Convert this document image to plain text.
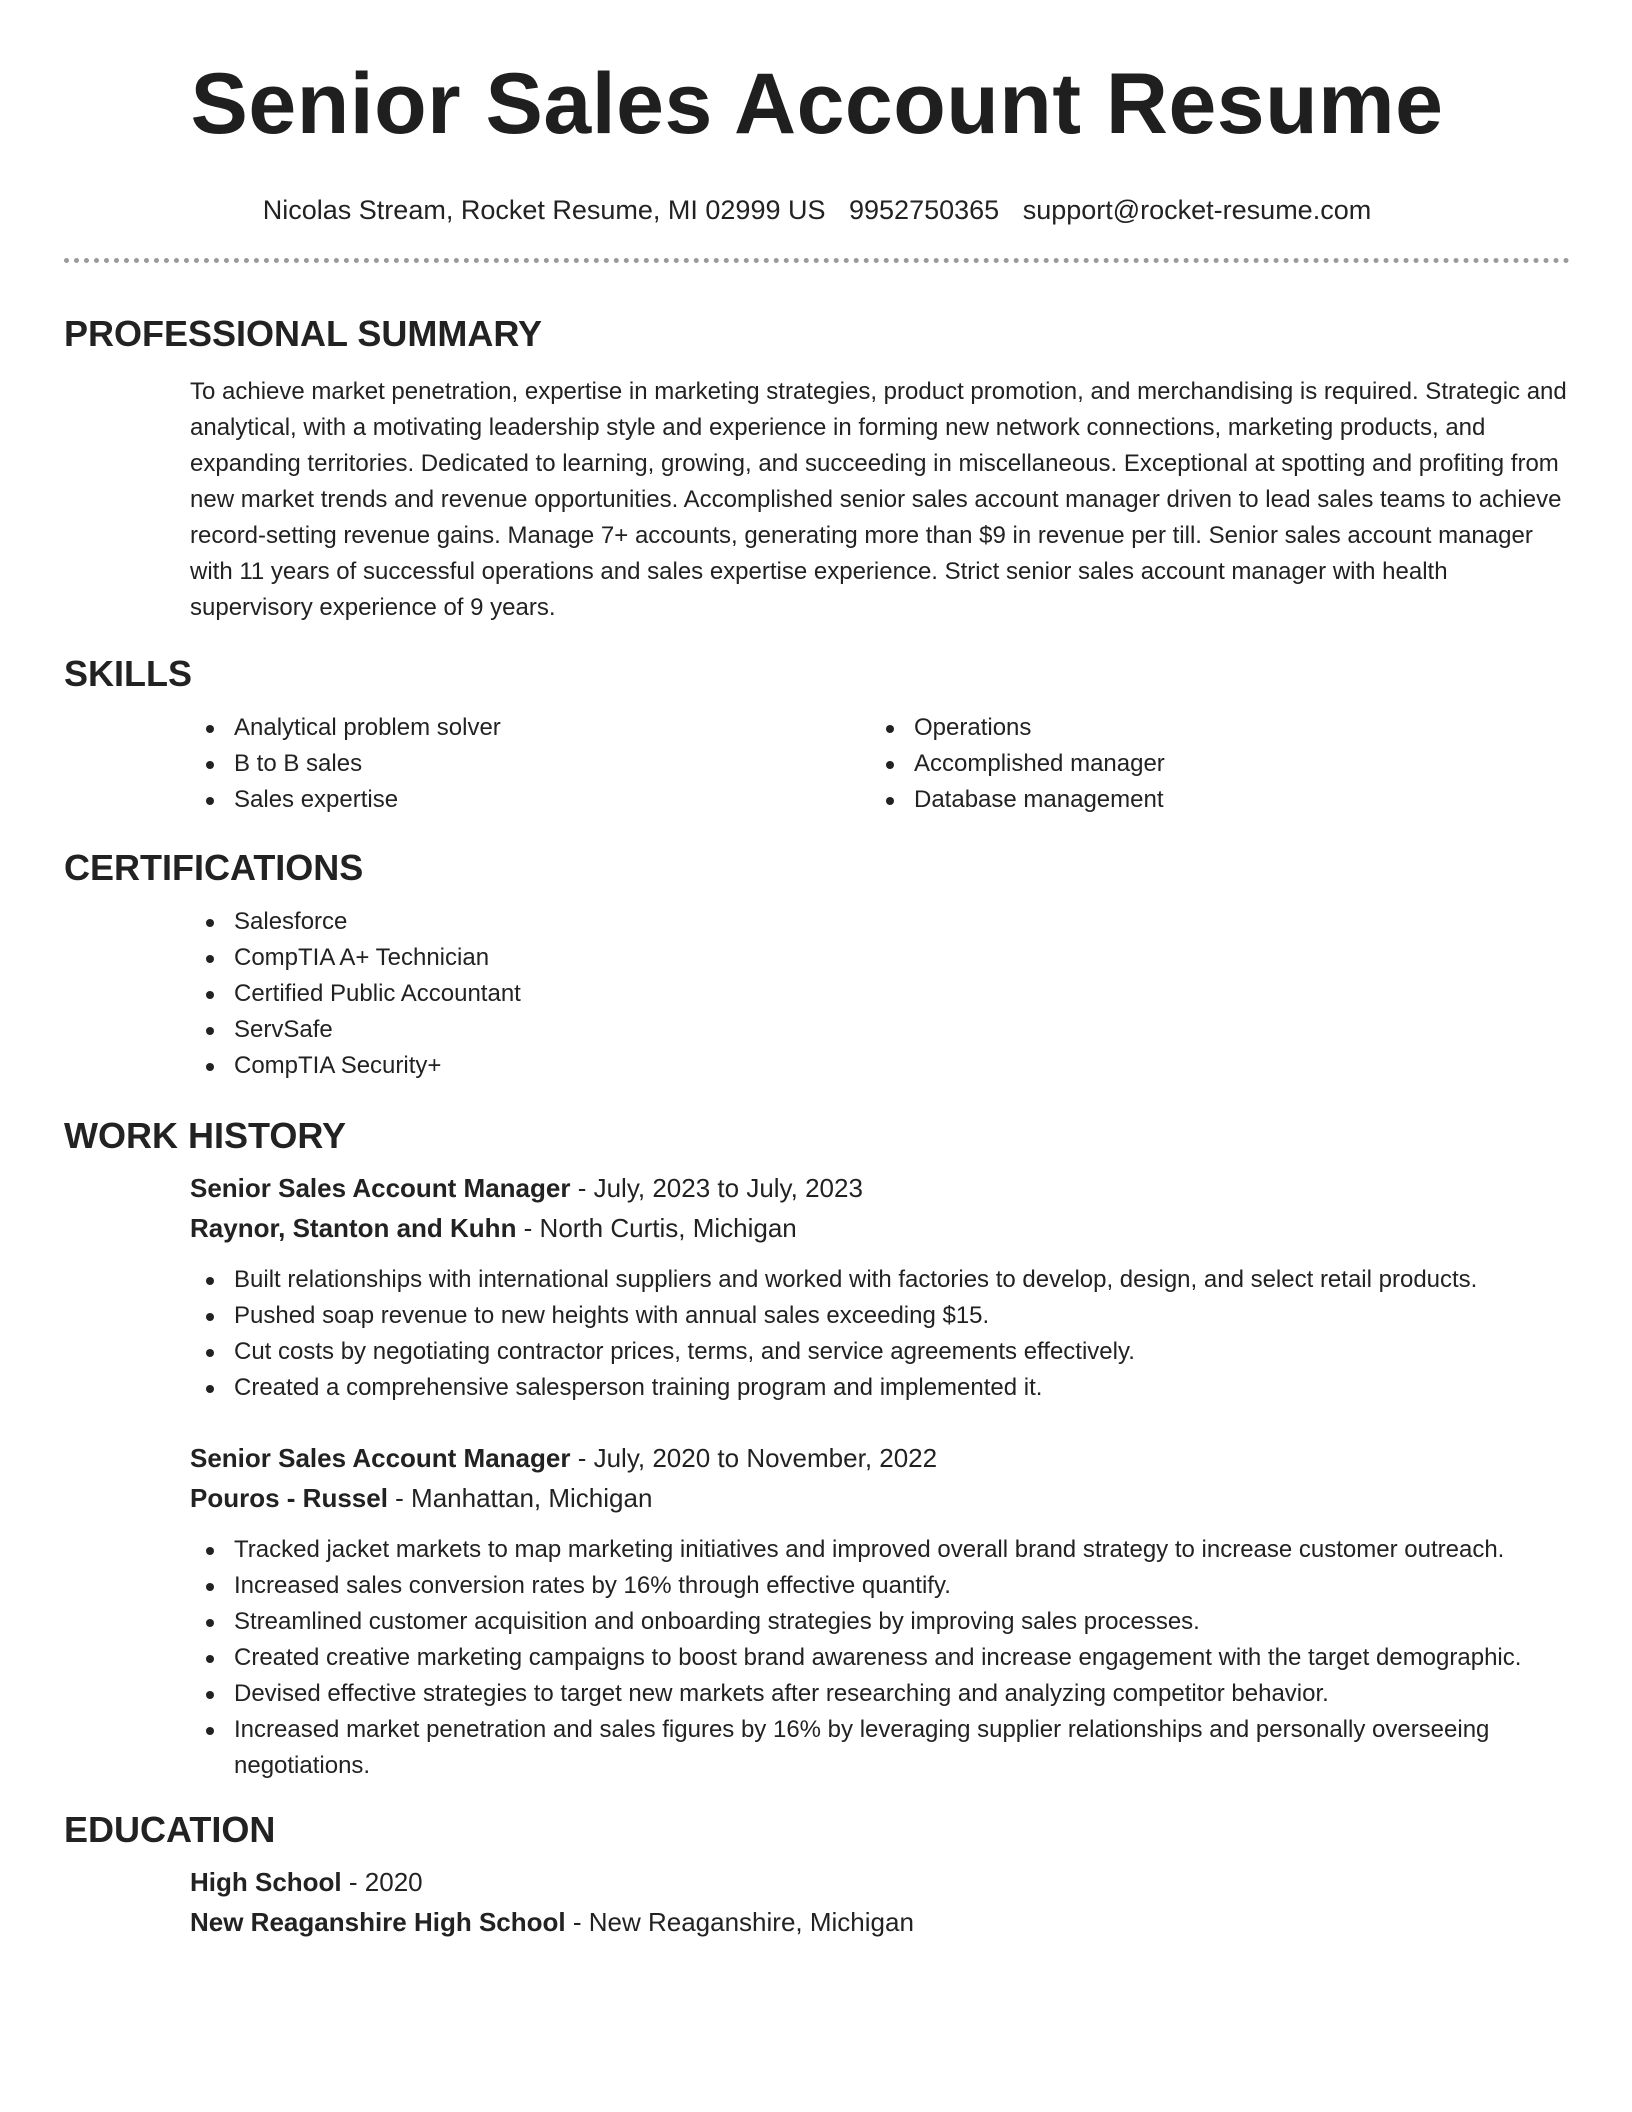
Senior Sales Account Resume
Nicolas Stream, Rocket Resume, MI 02999 US 9952750365 support@rocket-resume.com
PROFESSIONAL SUMMARY

To achieve market penetration, expertise in marketing strategies, product promotion, and merchandising is required. Strategic and analytical, with a motivating leadership style and experience in forming new network connections, marketing products, and expanding territories. Dedicated to learning, growing, and succeeding in miscellaneous. Exceptional at spotting and profiting from new market trends and revenue opportunities. Accomplished senior sales account manager driven to lead sales teams to achieve record-setting revenue gains. Manage 7+ accounts, generating more than $9 in revenue per till. Senior sales account manager with 11 years of successful operations and sales expertise experience. Strict senior sales account manager with health supervisory experience of 9 years.

SKILLS
Analytical problem solver
B to B sales
Sales expertise
Operations
Accomplished manager
Database management
CERTIFICATIONS
Salesforce
CompTIA A+ Technician
Certified Public Accountant
ServSafe
CompTIA Security+
WORK HISTORY
Senior Sales Account Manager - July, 2023 to July, 2023
Raynor, Stanton and Kuhn - North Curtis, Michigan
Built relationships with international suppliers and worked with factories to develop, design, and select retail products.
Pushed soap revenue to new heights with annual sales exceeding $15.
Cut costs by negotiating contractor prices, terms, and service agreements effectively.
Created a comprehensive salesperson training program and implemented it.
Senior Sales Account Manager - July, 2020 to November, 2022
Pouros - Russel - Manhattan, Michigan
Tracked jacket markets to map marketing initiatives and improved overall brand strategy to increase customer outreach.
Increased sales conversion rates by 16% through effective quantify.
Streamlined customer acquisition and onboarding strategies by improving sales processes.
Created creative marketing campaigns to boost brand awareness and increase engagement with the target demographic.
Devised effective strategies to target new markets after researching and analyzing competitor behavior.
Increased market penetration and sales figures by 16% by leveraging supplier relationships and personally overseeing negotiations.
EDUCATION
High School - 2020
New Reaganshire High School - New Reaganshire, Michigan
